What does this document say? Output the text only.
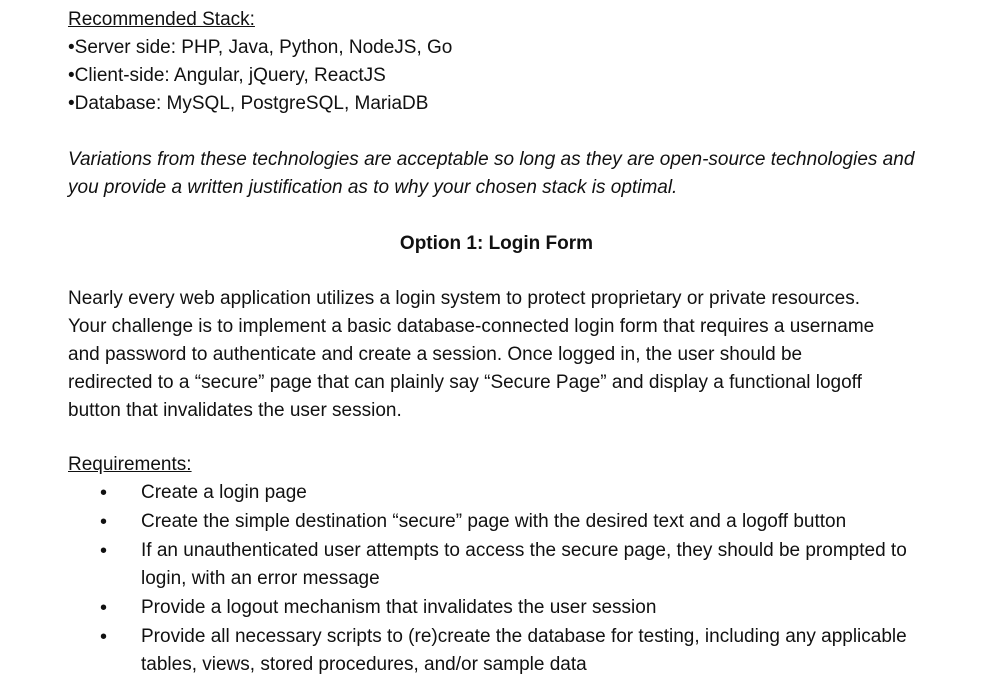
Recommended Stack:
•Server side: PHP, Java, Python, NodeJS, Go
•Client-side: Angular, jQuery, ReactJS
•Database: MySQL, PostgreSQL, MariaDB
Variations from these technologies are acceptable so long as they are open-source technologies and
you provide a written justification as to why your chosen stack is optimal.
Option 1: Login Form
Nearly every web application utilizes a login system to protect proprietary or private resources.
Your challenge is to implement a basic database-connected login form that requires a username
and password to authenticate and create a session. Once logged in, the user should be
redirected to a “secure” page that can plainly say “Secure Page” and display a functional logoff
button that invalidates the user session.
Requirements:
•	Create a login page
•	Create the simple destination “secure” page with the desired text and a logoff button
•	If an unauthenticated user attempts to access the secure page, they should be prompted to
login, with an error message
•	Provide a logout mechanism that invalidates the user session
•	Provide all necessary scripts to (re)create the database for testing, including any applicable
tables, views, stored procedures, and/or sample data
